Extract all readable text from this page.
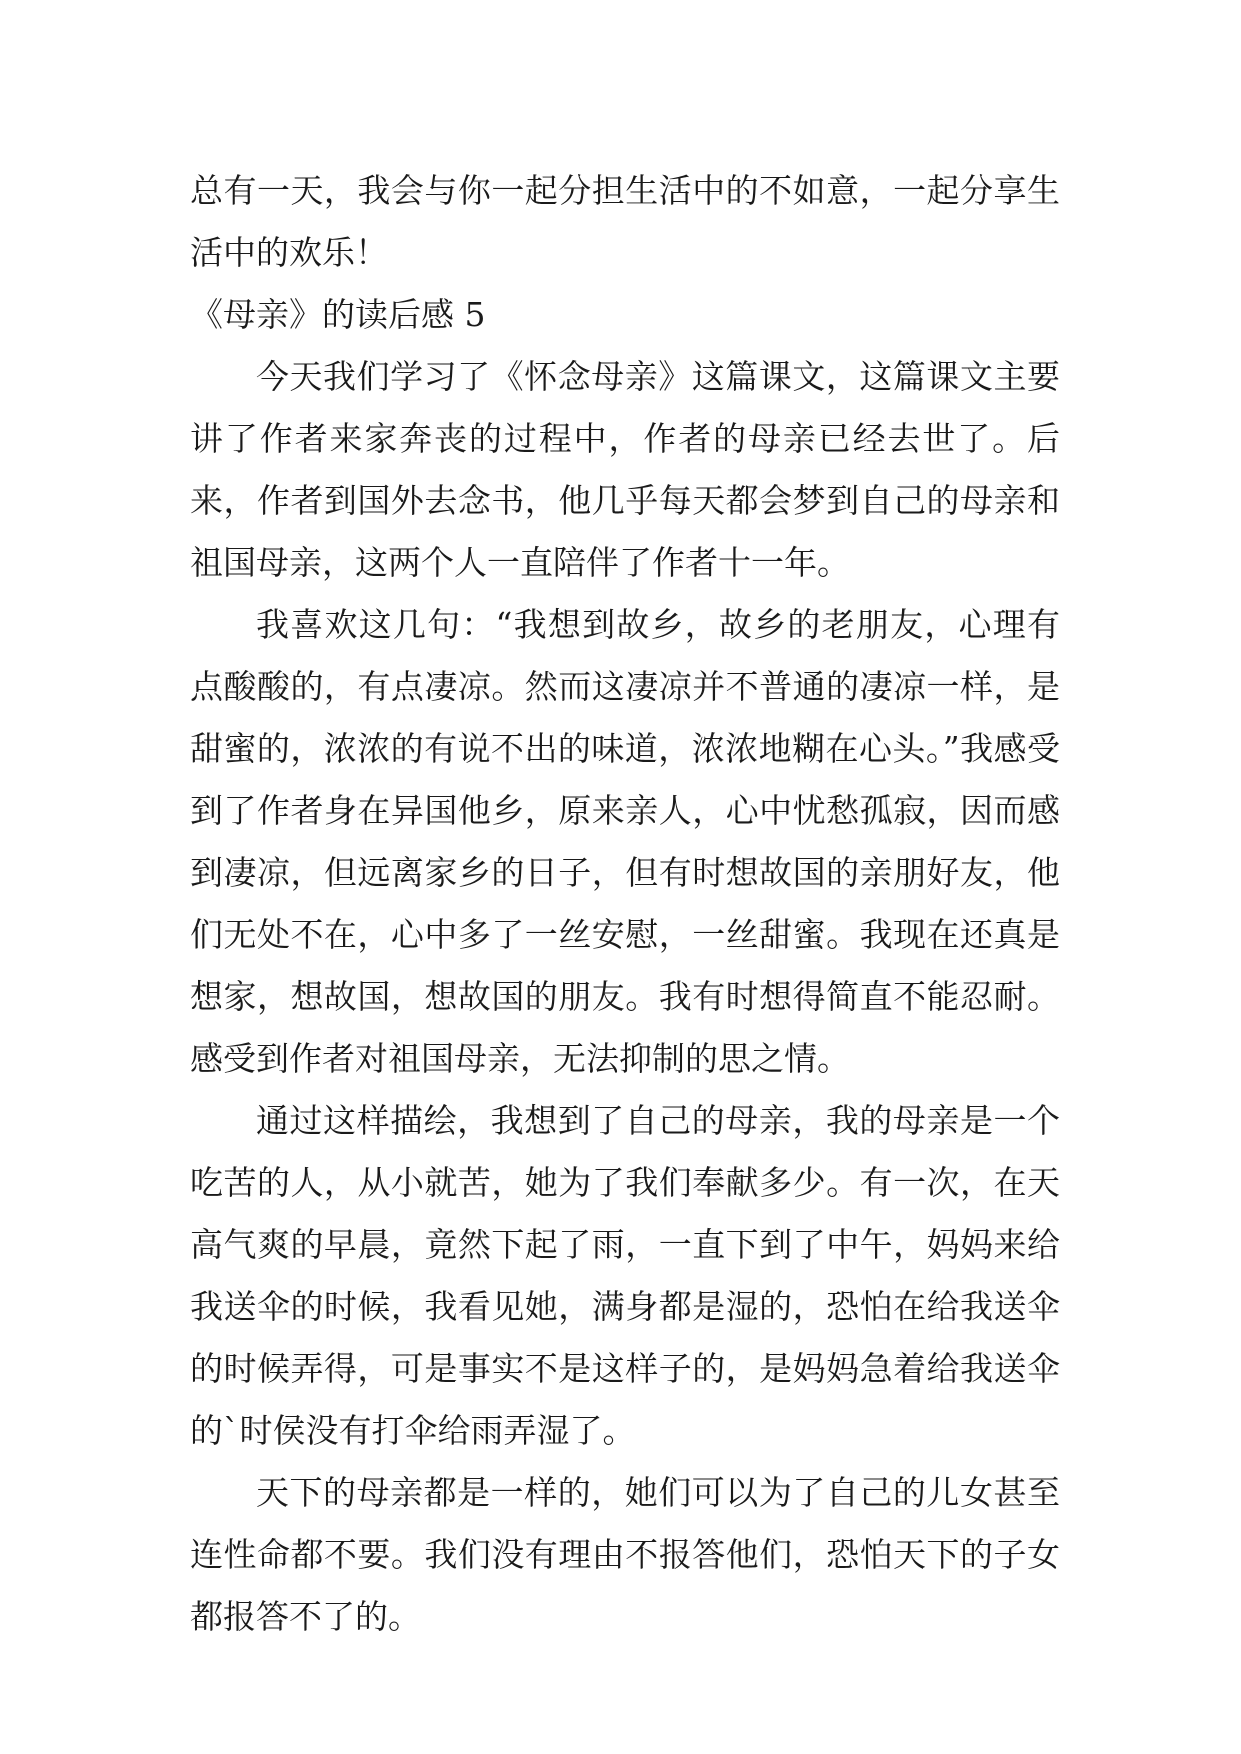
总有一天，我会与你一起分担生活中的不如意，一起分享生活中的欢乐！

《母亲》的读后感 5

今天我们学习了《怀念母亲》这篇课文，这篇课文主要讲了作者来家奔丧的过程中，作者的母亲已经去世了。后来，作者到国外去念书，他几乎每天都会梦到自己的母亲和祖国母亲，这两个人一直陪伴了作者十一年。

我喜欢这几句：“我想到故乡，故乡的老朋友，心理有点酸酸的，有点凄凉。然而这凄凉并不普通的凄凉一样，是甜蜜的，浓浓的有说不出的味道，浓浓地糊在心头。”我感受到了作者身在异国他乡，原来亲人，心中忧愁孤寂，因而感到凄凉，但远离家乡的日子，但有时想故国的亲朋好友，他们无处不在，心中多了一丝安慰，一丝甜蜜。我现在还真是想家，想故国，想故国的朋友。我有时想得简直不能忍耐。感受到作者对祖国母亲，无法抑制的思之情。

通过这样描绘，我想到了自己的母亲，我的母亲是一个吃苦的人，从小就苦，她为了我们奉献多少。有一次，在天高气爽的早晨，竟然下起了雨，一直下到了中午，妈妈来给我送伞的时候，我看见她，满身都是湿的，恐怕在给我送伞的时候弄得，可是事实不是这样子的，是妈妈急着给我送伞的`时侯没有打伞给雨弄湿了。

天下的母亲都是一样的，她们可以为了自己的儿女甚至连性命都不要。我们没有理由不报答他们，恐怕天下的子女都报答不了的。
